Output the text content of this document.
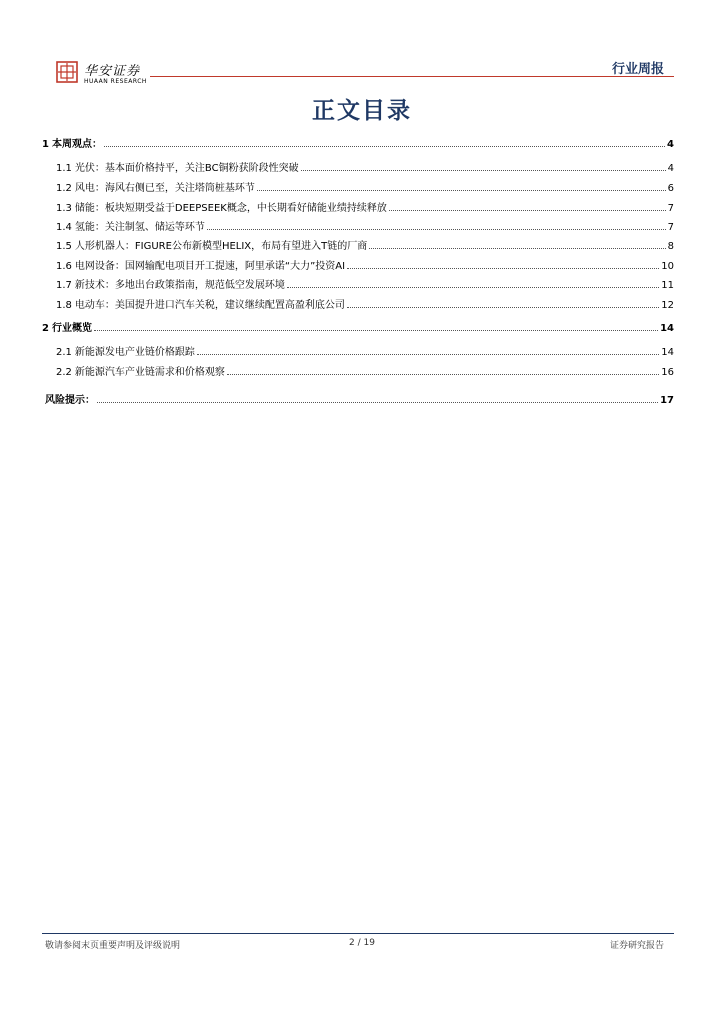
华安证券
HUAAN RESEARCH
行业周报
正文目录
1 本周观点：	4
1.1 光伏：基本面价格持平，关注BC铜粉获阶段性突破	4
1.2 风电：海风右侧已至，关注塔筒桩基环节	6
1.3 储能：板块短期受益于DEEPSEEK概念，中长期看好储能业绩持续释放	7
1.4 氢能：关注制氢、储运等环节	7
1.5 人形机器人：FIGURE公布新模型HELIX，布局有望进入T链的厂商	8
1.6 电网设备：国网输配电项目开工提速，阿里承诺“大力”投资AI	10
1.7 新技术：多地出台政策指南，规范低空发展环境	11
1.8 电动车：美国提升进口汽车关税，建议继续配置高盈利底公司	12
2 行业概览	14
2.1 新能源发电产业链价格跟踪	14
2.2 新能源汽车产业链需求和价格观察	16
风险提示：	17
敬请参阅末页重要声明及评级说明	2 / 19	证券研究报告
